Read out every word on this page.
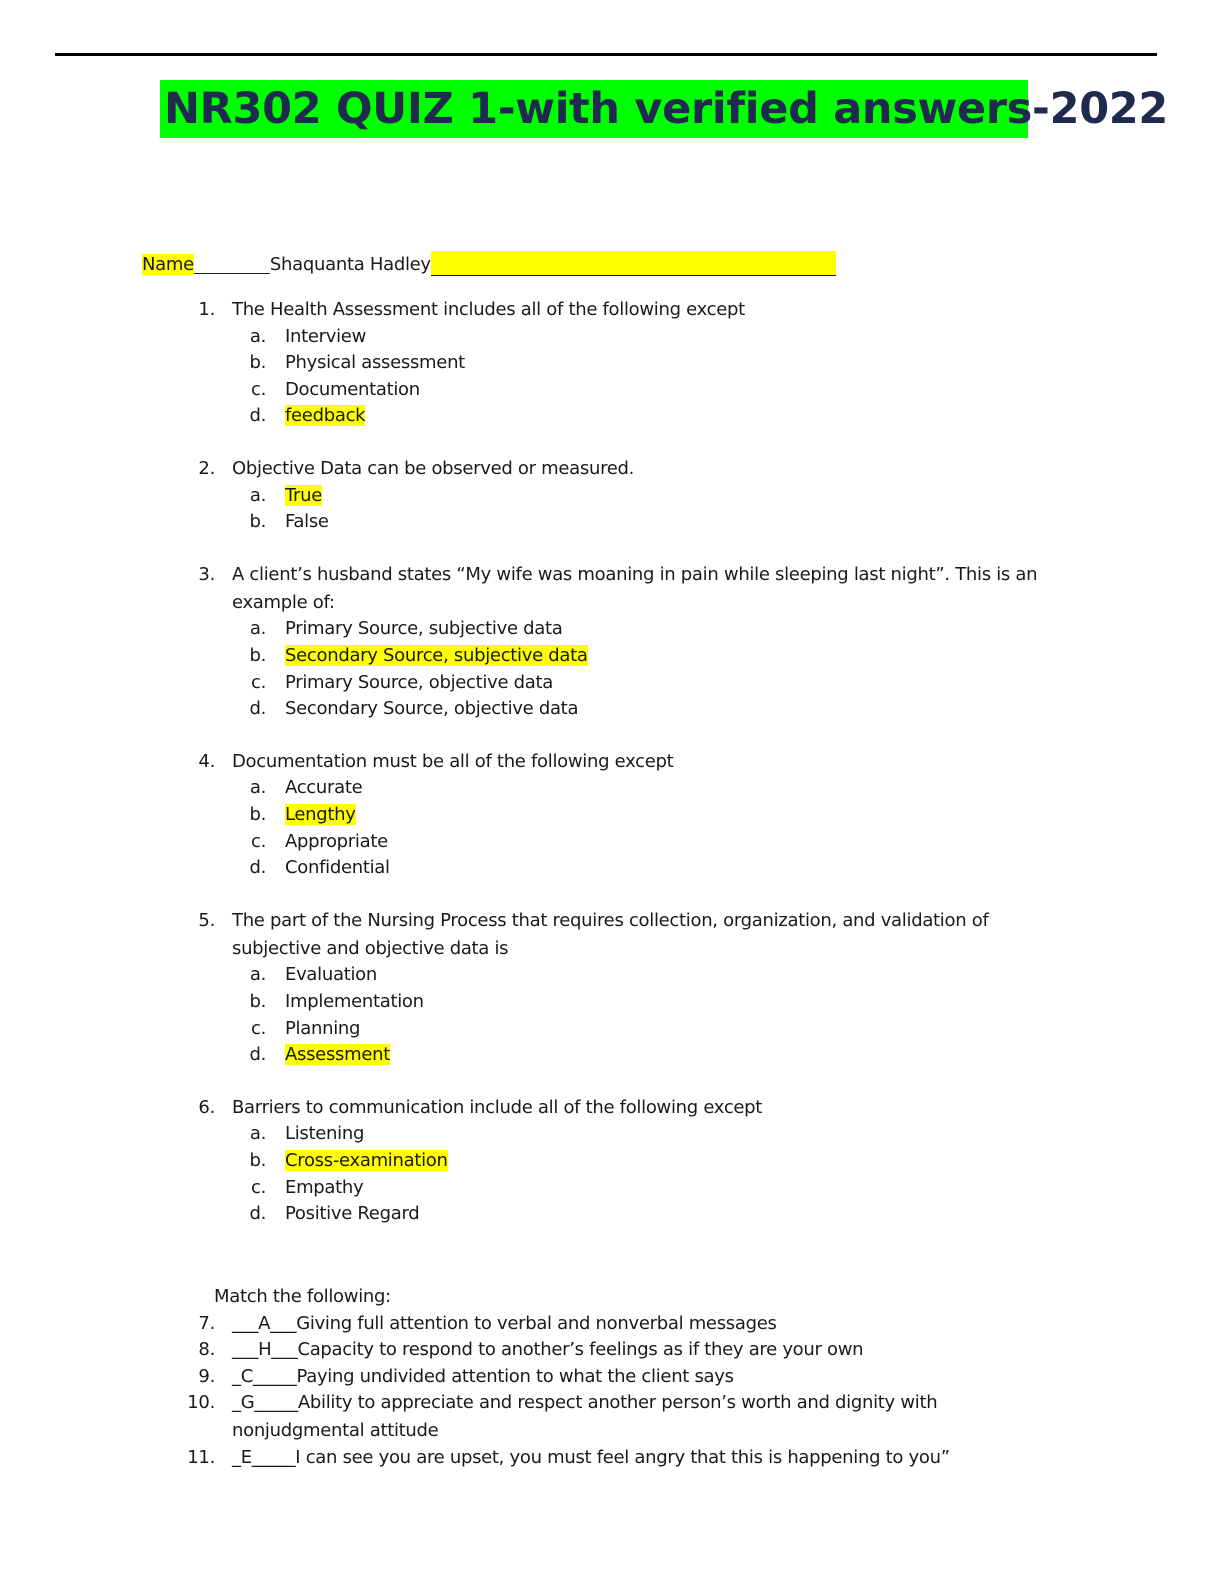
NR302 QUIZ 1-with verified answers-2022
Name	Shaquanta Hadley
1. The Health Assessment includes all of the following except
a. Interview
b. Physical assessment
c. Documentation
d. feedback
2. Objective Data can be observed or measured.
a. True
b. False
3. A client’s husband states “My wife was moaning in pain while sleeping last night”. This is an
example of:
a. Primary Source, subjective data
b. Secondary Source, subjective data
c. Primary Source, objective data
d. Secondary Source, objective data
4. Documentation must be all of the following except
a. Accurate
b. Lengthy
c. Appropriate
d. Confidential
5. The part of the Nursing Process that requires collection, organization, and validation of
subjective and objective data is
a. Evaluation
b. Implementation
c. Planning
d. Assessment
6. Barriers to communication include all of the following except
a. Listening
b. Cross-examination
c. Empathy
d. Positive Regard
Match the following:
7. ___A___Giving full attention to verbal and nonverbal messages
8. ___H___Capacity to respond to another’s feelings as if they are your own
9. _C_____Paying undivided attention to what the client says
10. _G_____Ability to appreciate and respect another person’s worth and dignity with
nonjudgmental attitude
11. _E_____I can see you are upset, you must feel angry that this is happening to you”
